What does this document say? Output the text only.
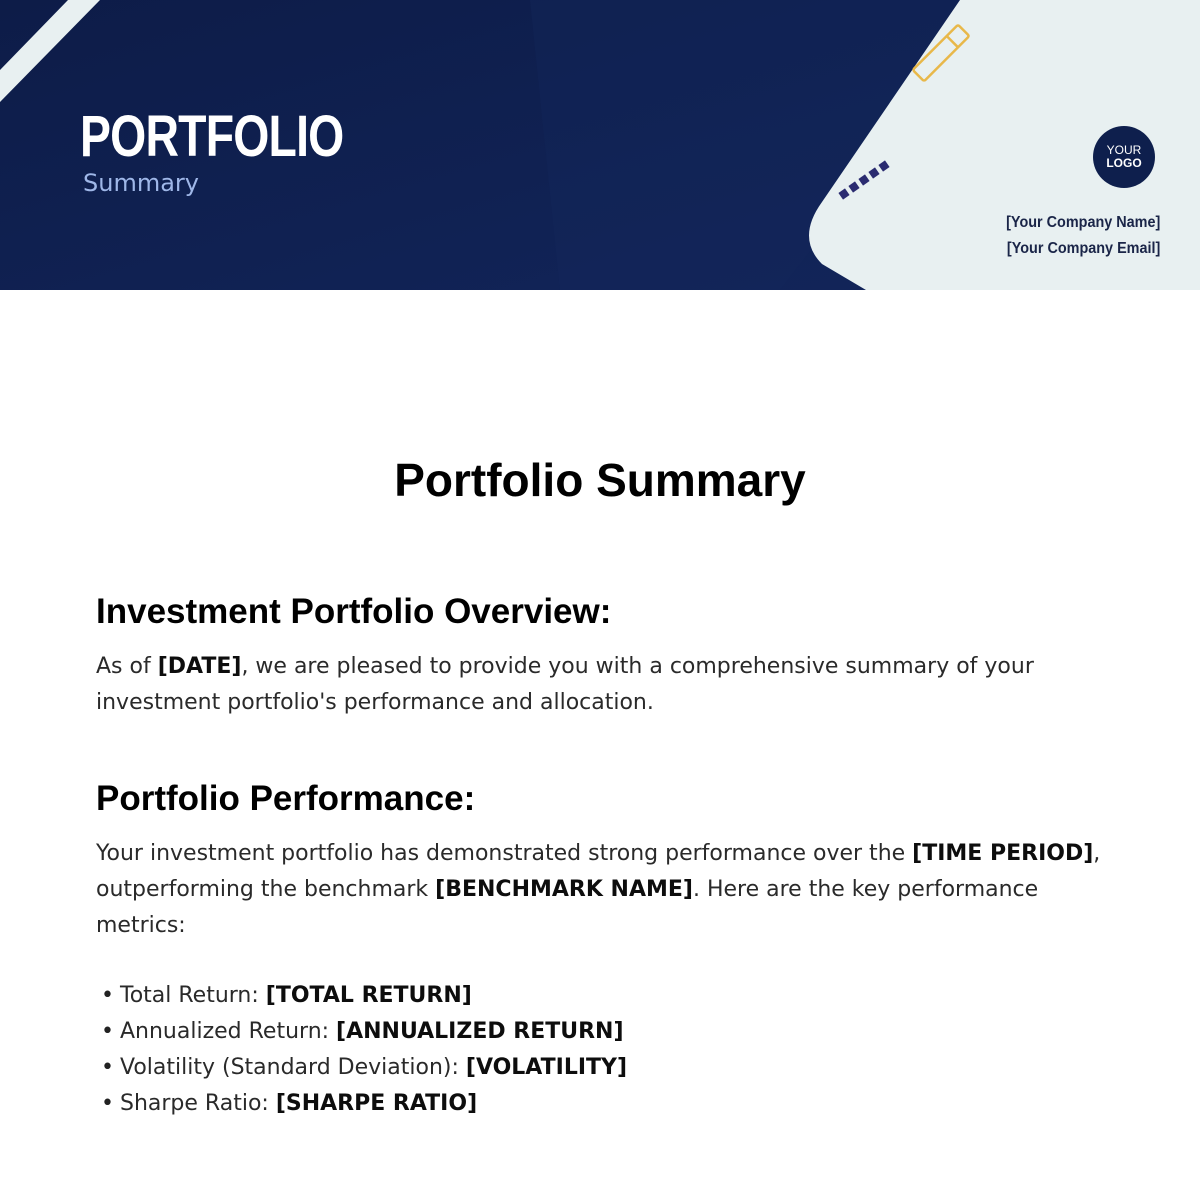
PORTFOLIO
Summary
YOUR
LOGO
[Your Company Name]
[Your Company Email]
Portfolio Summary
Investment Portfolio Overview:

As of [DATE], we are pleased to provide you with a comprehensive summary of your investment portfolio's performance and allocation.

Portfolio Performance:

Your investment portfolio has demonstrated strong performance over the [TIME PERIOD], outperforming the benchmark [BENCHMARK NAME]. Here are the key performance metrics:

• Total Return: [TOTAL RETURN]
• Annualized Return: [ANNUALIZED RETURN]
• Volatility (Standard Deviation): [VOLATILITY]
• Sharpe Ratio: [SHARPE RATIO]
